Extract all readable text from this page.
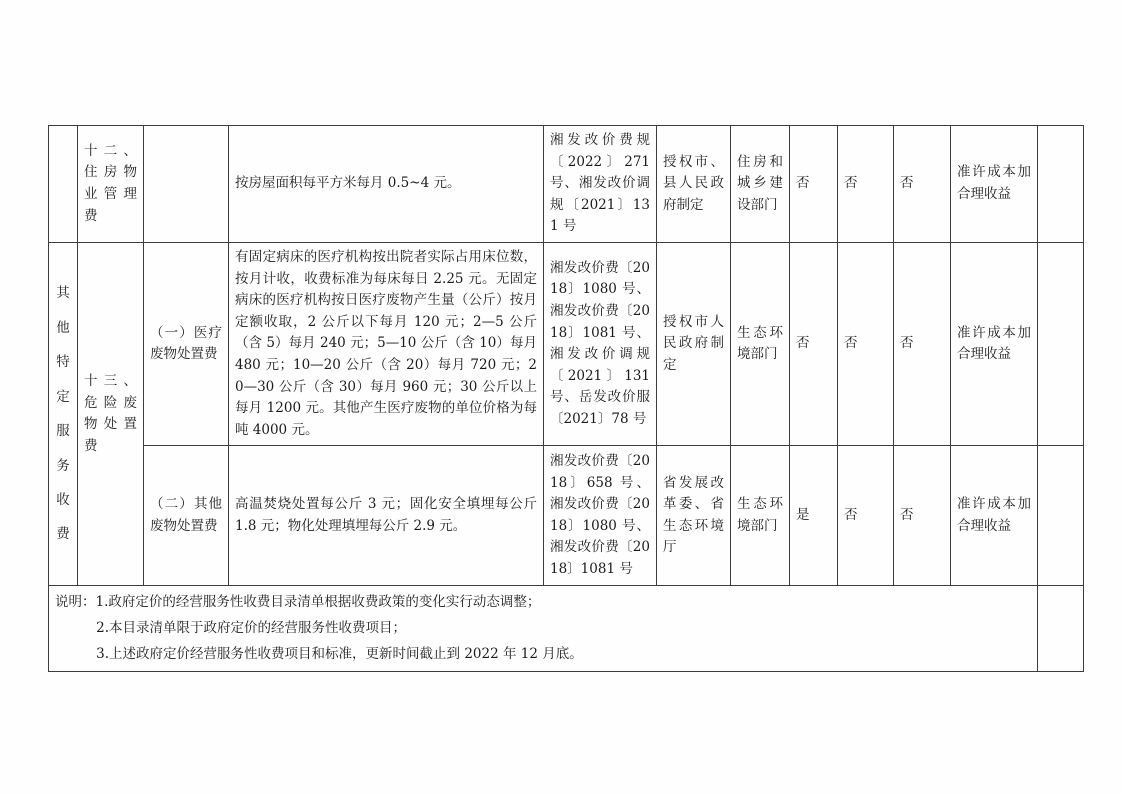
	十二、住房物业管理费		按房屋面积每平方米每月 0.5~4 元。	湘发改价费规〔2022〕271 号、湘发改价调规〔2021〕131 号	授权市、县人民政府制定	住房和城乡建设部门	否	否	否	准许成本加合理收益	

其他特定服务收费	十三、危险废物处置费	（一）医疗废物处置费	有固定病床的医疗机构按出院者实际占用床位数，按月计收，收费标准为每床每日 2.25 元。无固定病床的医疗机构按日医疗废物产生量（公斤）按月定额收取，2 公斤以下每月 120 元；2—5 公斤（含 5）每月 240 元；5—10 公斤（含 10）每月 480 元；10—20 公斤（含 20）每月 720 元；20—30 公斤（含 30）每月 960 元；30 公斤以上每月 1200 元。其他产生医疗废物的单位价格为每吨 4000 元。	湘发改价费〔2018〕1080 号、湘发改价费〔2018〕1081 号、湘发改价调规〔2021〕131 号、岳发改价服〔2021〕78 号	授权市人民政府制定	生态环境部门	否	否	否	准许成本加合理收益	
		（二）其他废物处置费	高温焚烧处置每公斤 3 元；固化安全填埋每公斤 1.8 元；物化处理填埋每公斤 2.9 元。	湘发改价费〔2018〕658 号、湘发改价费〔2018〕1080 号、湘发改价费〔2018〕1081 号	省发展改革委、省生态环境厅	生态环境部门	是	否	否	准许成本加合理收益	

说明：1.政府定价的经营服务性收费目录清单根据收费政策的变化实行动态调整；
2.本目录清单限于政府定价的经营服务性收费项目；
3.上述政府定价经营服务性收费项目和标准，更新时间截止到 2022 年 12 月底。											
